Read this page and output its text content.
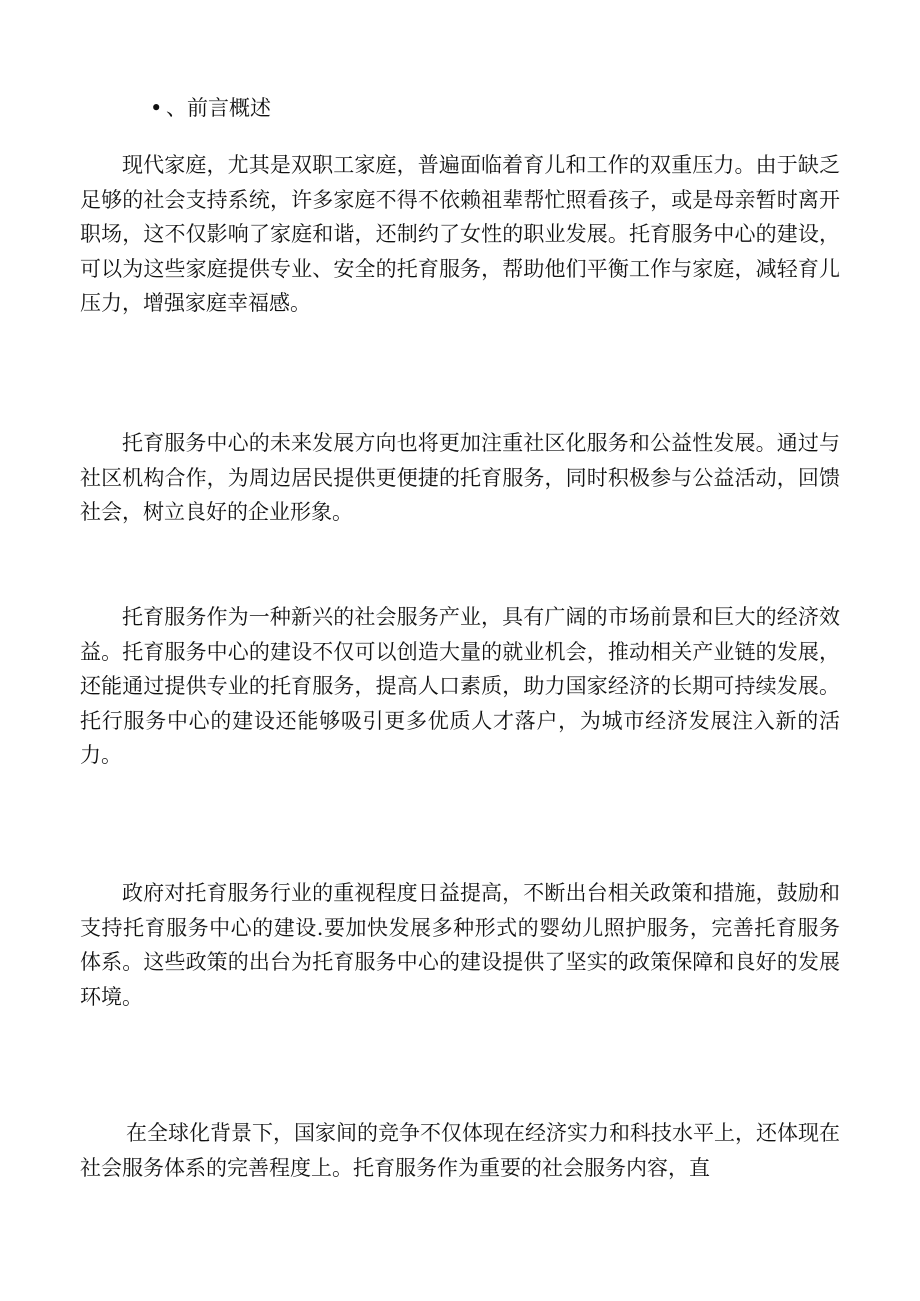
• 、前言概述

现代家庭，尤其是双职工家庭，普遍面临着育儿和工作的双重压力。由于缺乏足够的社会支持系统，许多家庭不得不依赖祖辈帮忙照看孩子，或是母亲暂时离开职场，这不仅影响了家庭和谐，还制约了女性的职业发展。托育服务中心的建设，可以为这些家庭提供专业、安全的托育服务，帮助他们平衡工作与家庭，减轻育儿压力，增强家庭幸福感。

托育服务中心的未来发展方向也将更加注重社区化服务和公益性发展。通过与社区机构合作，为周边居民提供更便捷的托育服务，同时积极参与公益活动，回馈社会，树立良好的企业形象。

托育服务作为一种新兴的社会服务产业，具有广阔的市场前景和巨大的经济效益。托育服务中心的建设不仅可以创造大量的就业机会，推动相关产业链的发展，还能通过提供专业的托育服务，提高人口素质，助力国家经济的长期可持续发展。托行服务中心的建设还能够吸引更多优质人才落户，为城市经济发展注入新的活力。

政府对托育服务行业的重视程度日益提高，不断出台相关政策和措施，鼓励和支持托育服务中心的建设.要加快发展多种形式的婴幼儿照护服务，完善托育服务体系。这些政策的出台为托育服务中心的建设提供了坚实的政策保障和良好的发展环境。

在全球化背景下，国家间的竞争不仅体现在经济实力和科技水平上，还体现在社会服务体系的完善程度上。托育服务作为重要的社会服务内容，直
